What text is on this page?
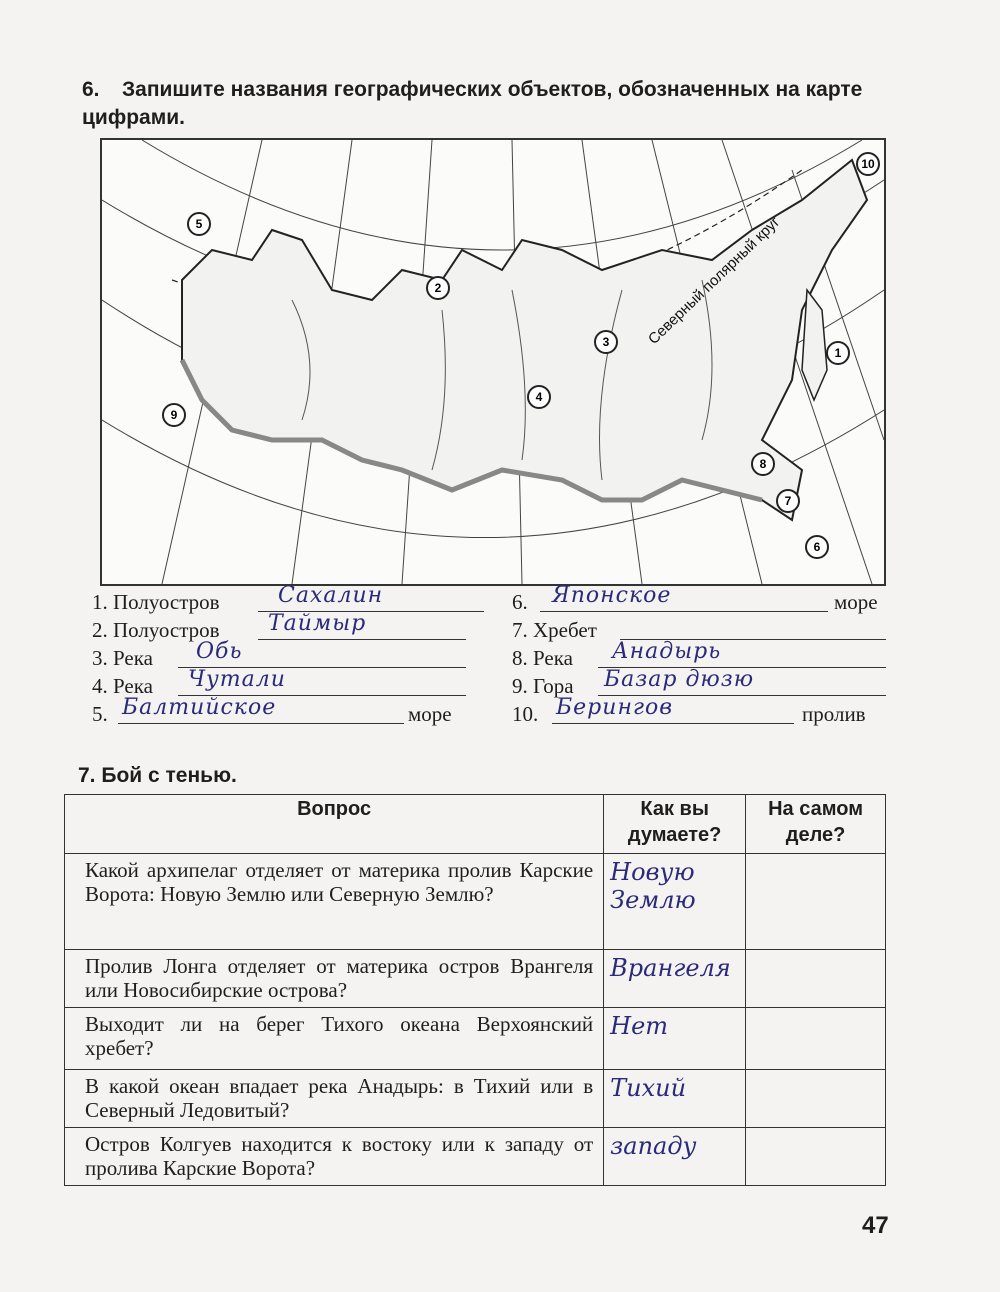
6. Запишите названия географических объектов, обозначенных на карте цифрами.
Северный полярный круг
1
2
3
4
5
6
7
8
9
10
1. Полуостров	Сахалин
2. Полуостров Таймыр
3. Река Обь
4. Река Чутали
5. Балтийское	море
6. Японское	море
7. Хребет
8. Река Анадырь
9. Гора Базар дюзю
10. Берингов	пролив
7. Бой с тенью.
Вопрос	Как вы думаете?	На самом деле?
Какой архипелаг отделяет от материка пролив Карские Ворота: Новую Землю или Северную Землю?	Новую Землю	
Пролив Лонга отделяет от материка остров Врангеля или Новосибирские острова?	Врангеля	
Выходит ли на берег Тихого океана Верхоянский хребет?	Нет	
В какой океан впадает река Анадырь: в Тихий или в Северный Ледовитый?	Тихий	
Остров Колгуев находится к востоку или к западу от пролива Карские Ворота?	западу	
47
